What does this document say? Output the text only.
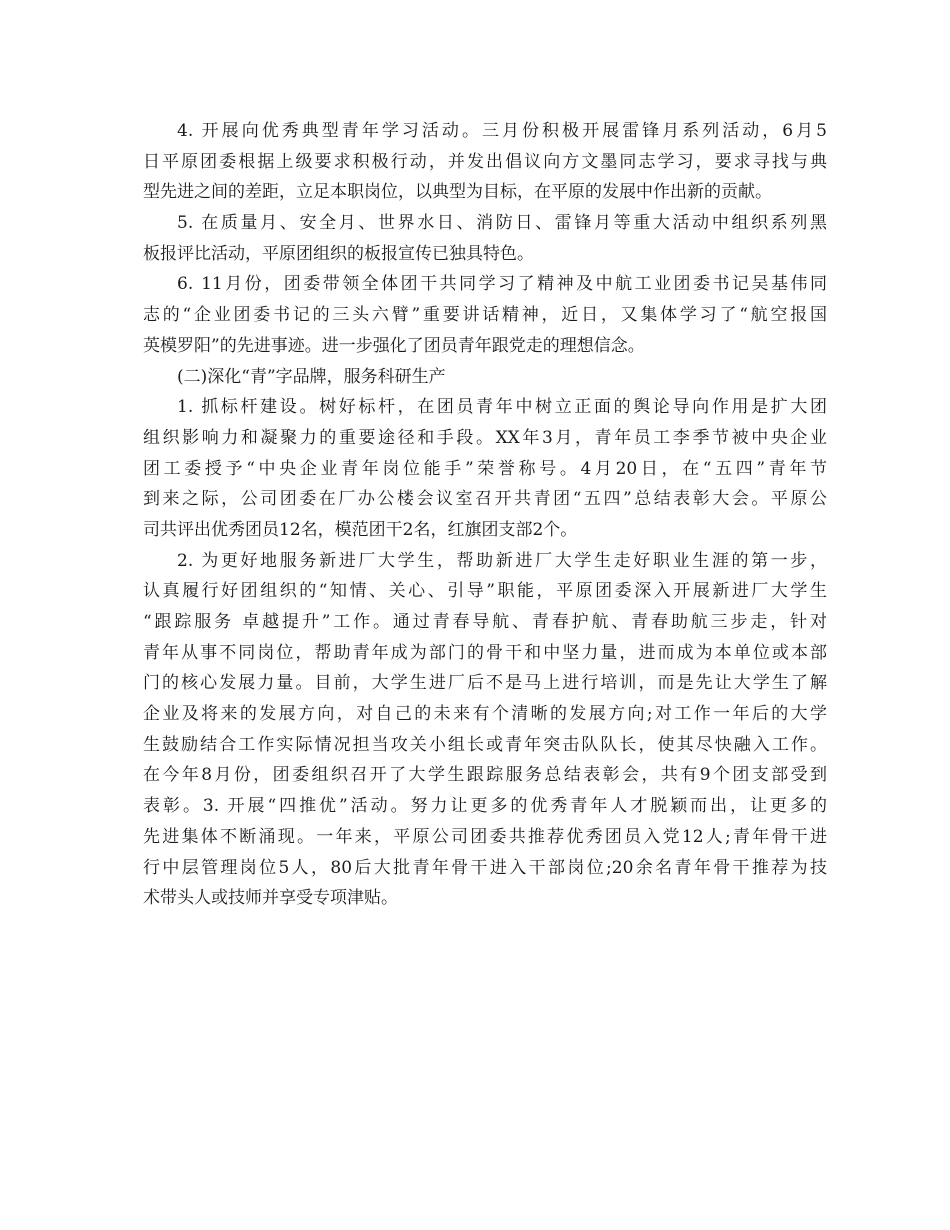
4. 开展向优秀典型青年学习活动。三月份积极开展雷锋月系列活动，6月5

日平原团委根据上级要求积极行动，并发出倡议向方文墨同志学习，要求寻找与典

型先进之间的差距，立足本职岗位，以典型为目标，在平原的发展中作出新的贡献。

5. 在质量月、安全月、世界水日、消防日、雷锋月等重大活动中组织系列黑

板报评比活动，平原团组织的板报宣传已独具特色。

6. 11月份，团委带领全体团干共同学习了精神及中航工业团委书记吴基伟同

志的“企业团委书记的三头六臂”重要讲话精神，近日，又集体学习了“航空报国

英模罗阳”的先进事迹。进一步强化了团员青年跟党走的理想信念。

(二)深化“青”字品牌，服务科研生产

1. 抓标杆建设。树好标杆，在团员青年中树立正面的舆论导向作用是扩大团

组织影响力和凝聚力的重要途径和手段。XX年3月，青年员工李季节被中央企业

团工委授予“中央企业青年岗位能手”荣誉称号。4月20日，在“五四”青年节

到来之际，公司团委在厂办公楼会议室召开共青团“五四”总结表彰大会。平原公

司共评出优秀团员12名，模范团干2名，红旗团支部2个。

2. 为更好地服务新进厂大学生，帮助新进厂大学生走好职业生涯的第一步，

认真履行好团组织的“知情、关心、引导”职能，平原团委深入开展新进厂大学生

“跟踪服务 卓越提升”工作。通过青春导航、青春护航、青春助航三步走，针对

青年从事不同岗位，帮助青年成为部门的骨干和中坚力量，进而成为本单位或本部

门的核心发展力量。目前，大学生进厂后不是马上进行培训，而是先让大学生了解

企业及将来的发展方向，对自己的未来有个清晰的发展方向;对工作一年后的大学

生鼓励结合工作实际情况担当攻关小组长或青年突击队队长，使其尽快融入工作。

在今年8月份，团委组织召开了大学生跟踪服务总结表彰会，共有9个团支部受到

表彰。3. 开展“四推优”活动。努力让更多的优秀青年人才脱颖而出，让更多的

先进集体不断涌现。一年来，平原公司团委共推荐优秀团员入党12人;青年骨干进

行中层管理岗位5人，80后大批青年骨干进入干部岗位;20余名青年骨干推荐为技

术带头人或技师并享受专项津贴。
